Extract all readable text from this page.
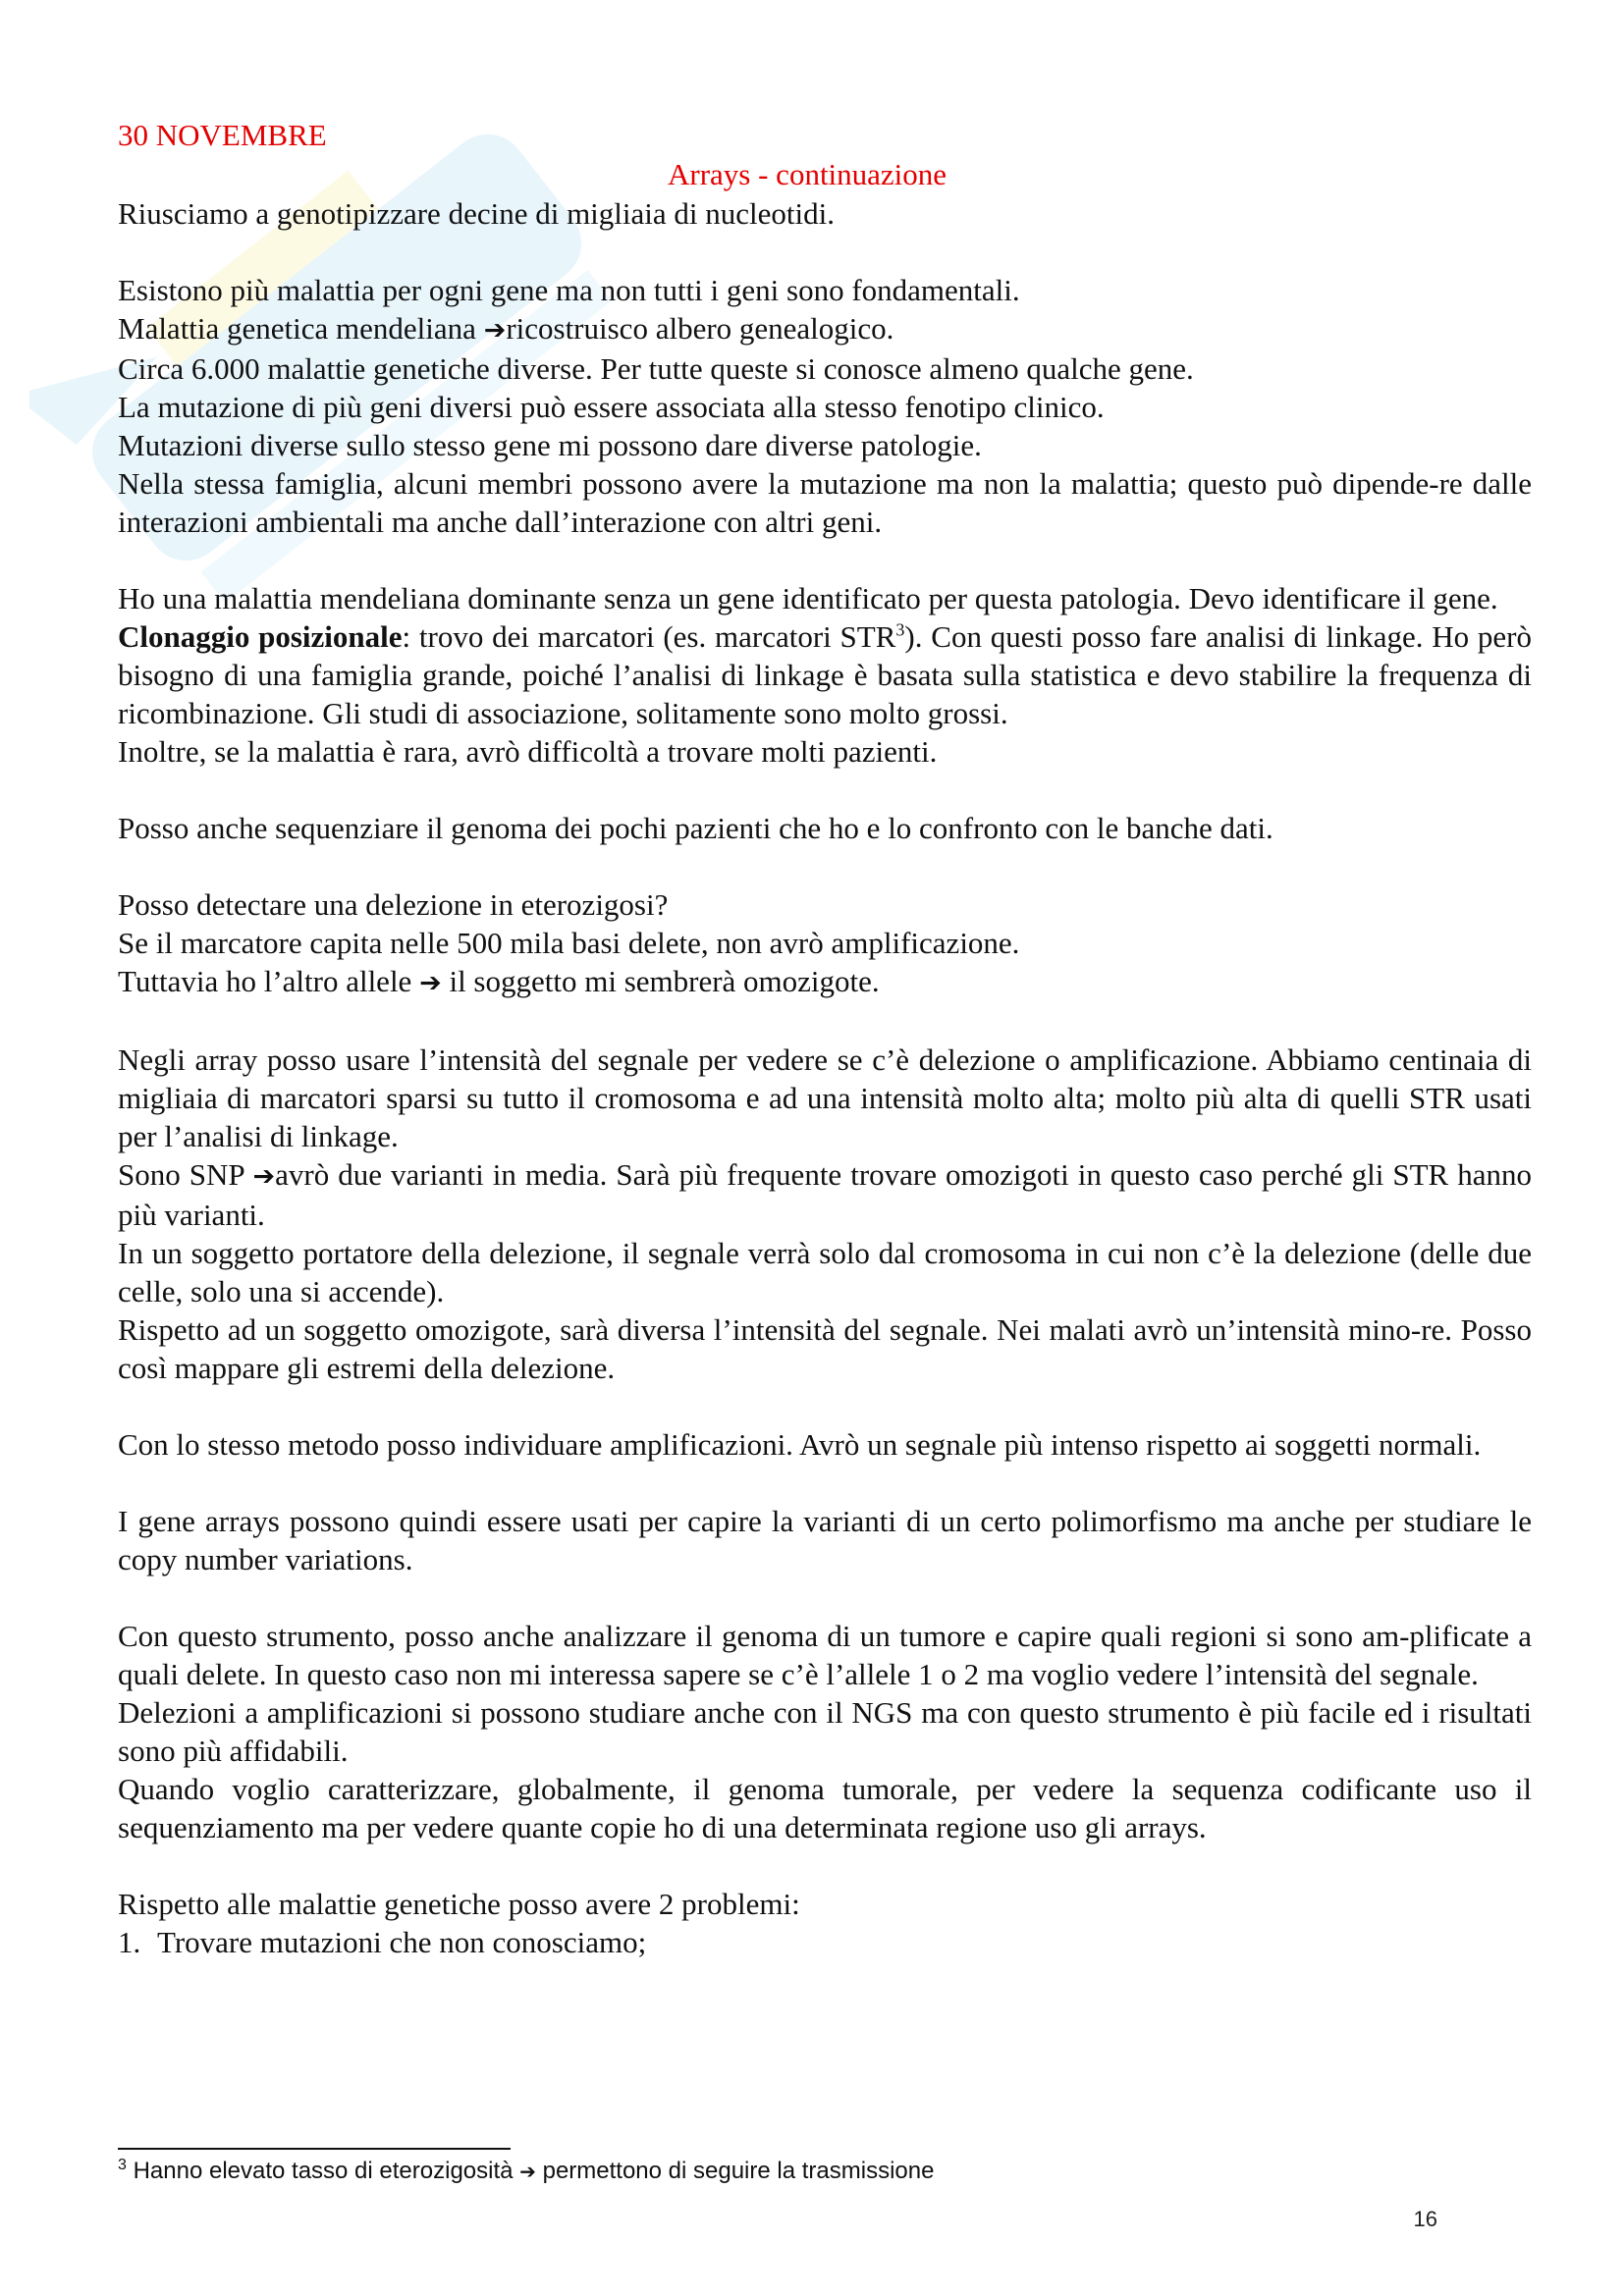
30 NOVEMBRE
Arrays - continuazione

Riusciamo a genotipizzare decine di migliaia di nucleotidi.

Esistono più malattia per ogni gene ma non tutti i geni sono fondamentali.

Malattia genetica mendeliana ➔ricostruisco albero genealogico.

Circa 6.000 malattie genetiche diverse. Per tutte queste si conosce almeno qualche gene.

La mutazione di più geni diversi può essere associata alla stesso fenotipo clinico.

Mutazioni diverse sullo stesso gene mi possono dare diverse patologie.

Nella stessa famiglia, alcuni membri possono avere la mutazione ma non la malattia; questo può dipende-re dalle interazioni ambientali ma anche dall’interazione con altri geni.

Ho una malattia mendeliana dominante senza un gene identificato per questa patologia. Devo identificare il gene.

Clonaggio posizionale: trovo dei marcatori (es. marcatori STR$^3$). Con questi posso fare analisi di linkage. Ho però bisogno di una famiglia grande, poiché l’analisi di linkage è basata sulla statistica e devo stabilire la frequenza di ricombinazione. Gli studi di associazione, solitamente sono molto grossi.

Inoltre, se la malattia è rara, avrò difficoltà a trovare molti pazienti.

Posso anche sequenziare il genoma dei pochi pazienti che ho e lo confronto con le banche dati.

Posso detectare una delezione in eterozigosi?

Se il marcatore capita nelle 500 mila basi delete, non avrò amplificazione.

Tuttavia ho l’altro allele ➔ il soggetto mi sembrerà omozigote.

Negli array posso usare l’intensità del segnale per vedere se c’è delezione o amplificazione. Abbiamo centinaia di migliaia di marcatori sparsi su tutto il cromosoma e ad una intensità molto alta; molto più alta di quelli STR usati per l’analisi di linkage.

Sono SNP ➔avrò due varianti in media. Sarà più frequente trovare omozigoti in questo caso perché gli STR hanno più varianti.

In un soggetto portatore della delezione, il segnale verrà solo dal cromosoma in cui non c’è la delezione (delle due celle, solo una si accende).

Rispetto ad un soggetto omozigote, sarà diversa l’intensità del segnale. Nei malati avrò un’intensità mino-re. Posso così mappare gli estremi della delezione.

Con lo stesso metodo posso individuare amplificazioni. Avrò un segnale più intenso rispetto ai soggetti normali.

I gene arrays possono quindi essere usati per capire la varianti di un certo polimorfismo ma anche per studiare le copy number variations.

Con questo strumento, posso anche analizzare il genoma di un tumore e capire quali regioni si sono am-plificate a quali delete. In questo caso non mi interessa sapere se c’è l’allele 1 o 2 ma voglio vedere l’intensità del segnale.

Delezioni a amplificazioni si possono studiare anche con il NGS ma con questo strumento è più facile ed i risultati sono più affidabili.

Quando voglio caratterizzare, globalmente, il genoma tumorale, per vedere la sequenza codificante uso il sequenziamento ma per vedere quante copie ho di una determinata regione uso gli arrays.

Rispetto alle malattie genetiche posso avere 2 problemi:

1. Trovare mutazioni che non conosciamo;
$^3$ Hanno elevato tasso di eterozigosità ➔ permettono di seguire la trasmissione
16
